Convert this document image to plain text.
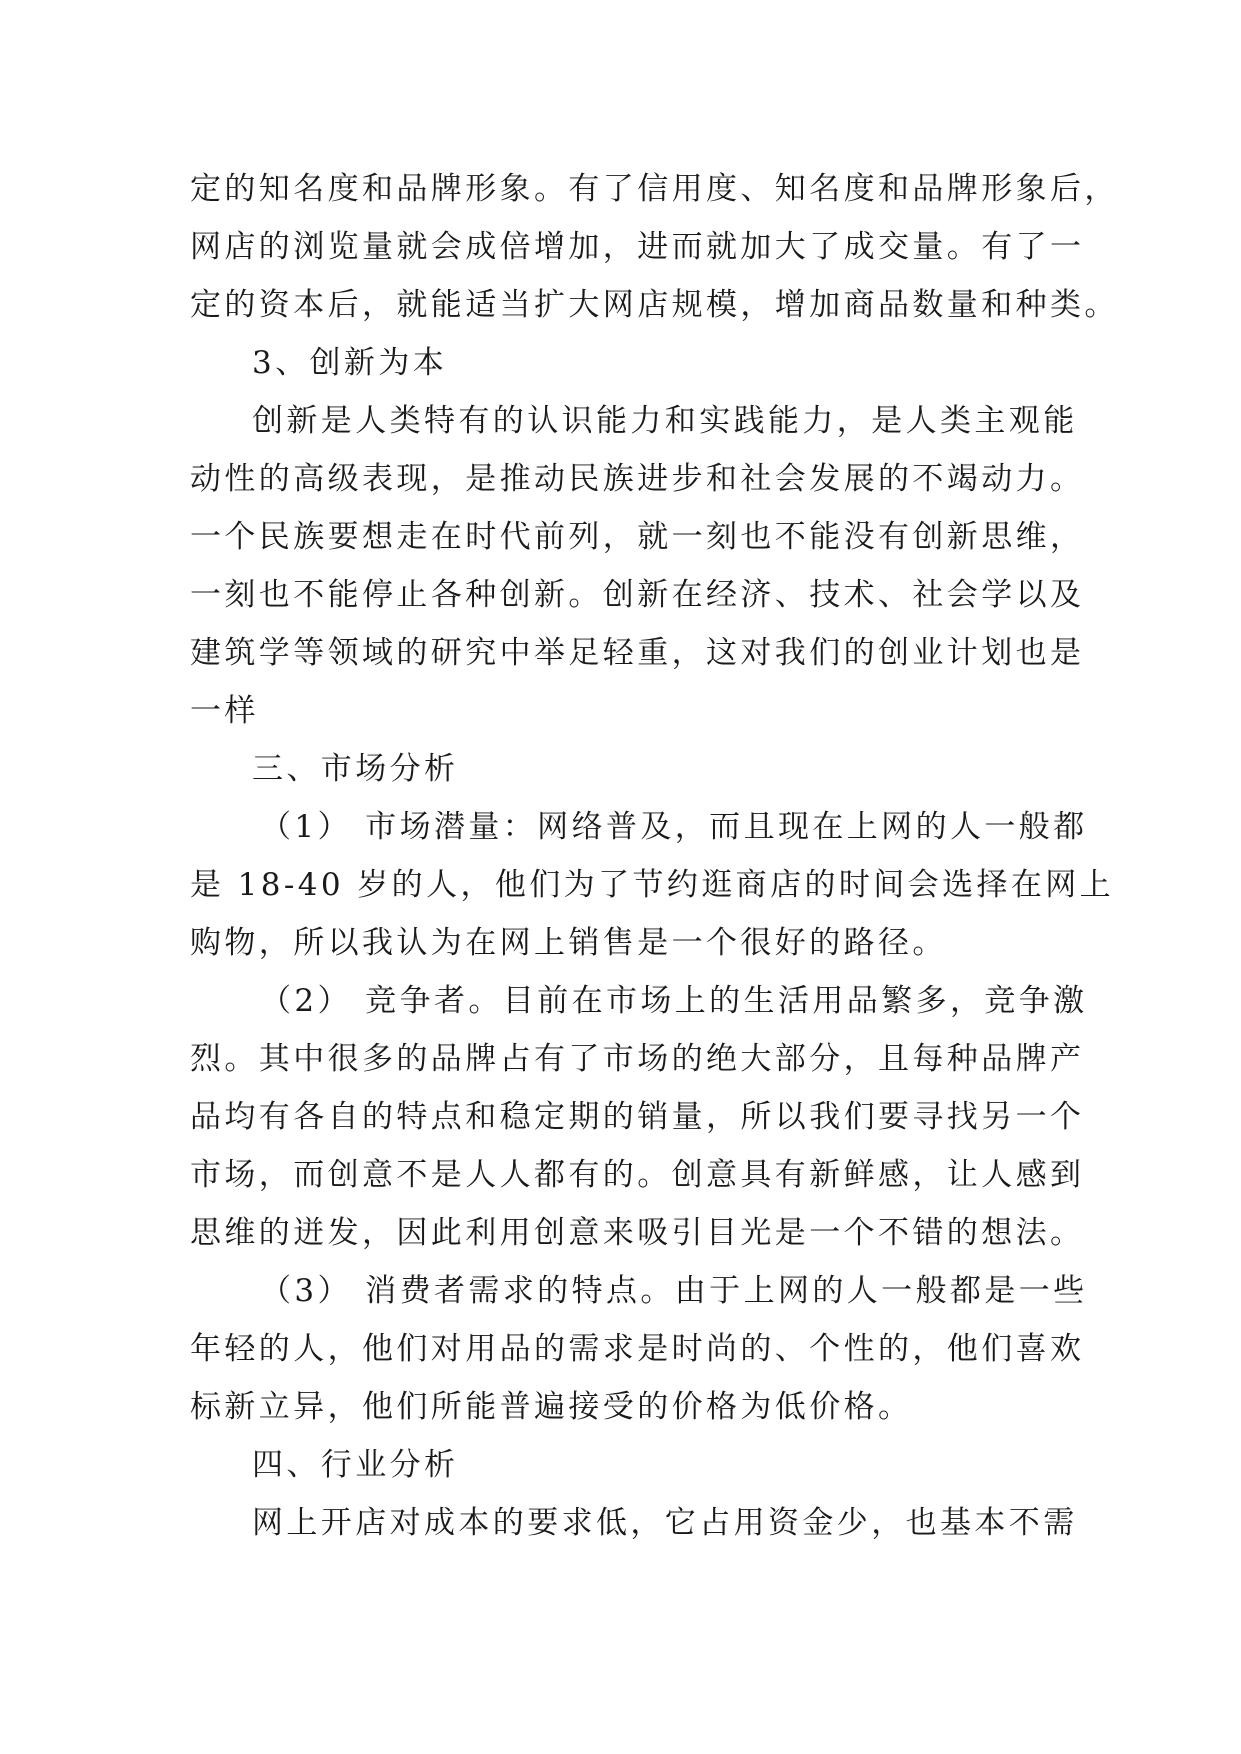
定的知名度和品牌形象。有了信用度、知名度和品牌形象后，
网店的浏览量就会成倍增加，进而就加大了成交量。有了一
定的资本后，就能适当扩大网店规模，增加商品数量和种类。
3、创新为本
创新是人类特有的认识能力和实践能力，是人类主观能
动性的高级表现，是推动民族进步和社会发展的不竭动力。
一个民族要想走在时代前列，就一刻也不能没有创新思维，
一刻也不能停止各种创新。创新在经济、技术、社会学以及
建筑学等领域的研究中举足轻重，这对我们的创业计划也是
一样
三、市场分析
（1） 市场潜量：网络普及，而且现在上网的人一般都
是 18-40 岁的人，他们为了节约逛商店的时间会选择在网上
购物，所以我认为在网上销售是一个很好的路径。
（2） 竞争者。目前在市场上的生活用品繁多，竞争激
烈。其中很多的品牌占有了市场的绝大部分，且每种品牌产
品均有各自的特点和稳定期的销量，所以我们要寻找另一个
市场，而创意不是人人都有的。创意具有新鲜感，让人感到
思维的迸发，因此利用创意来吸引目光是一个不错的想法。
（3） 消费者需求的特点。由于上网的人一般都是一些
年轻的人，他们对用品的需求是时尚的、个性的，他们喜欢
标新立异，他们所能普遍接受的价格为低价格。
四、行业分析
网上开店对成本的要求低，它占用资金少，也基本不需
